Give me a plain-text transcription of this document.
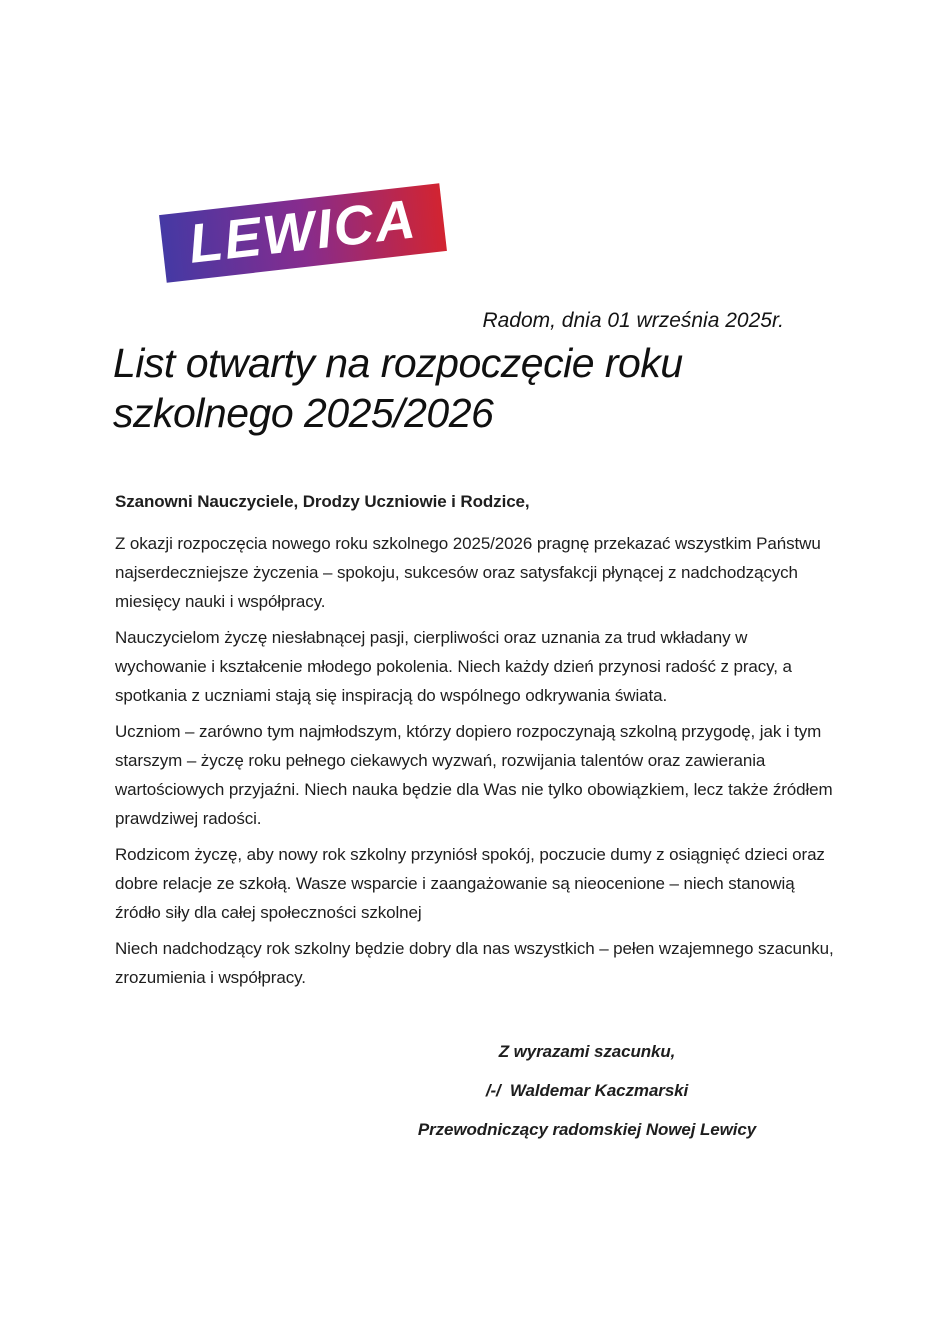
LEWICA
Radom, dnia 01 września 2025r.
List otwarty na rozpoczęcie roku
szkolnego 2025/2026

Szanowni Nauczyciele, Drodzy Uczniowie i Rodzice,

Z okazji rozpoczęcia nowego roku szkolnego 2025/2026 pragnę przekazać wszystkim Państwu najserdeczniejsze życzenia – spokoju, sukcesów oraz satysfakcji płynącej z nadchodzących miesięcy nauki i współpracy.

Nauczycielom życzę niesłabnącej pasji, cierpliwości oraz uznania za trud wkładany w wychowanie i kształcenie młodego pokolenia. Niech każdy dzień przynosi radość z pracy, a spotkania z uczniami stają się inspiracją do wspólnego odkrywania świata.

Uczniom – zarówno tym najmłodszym, którzy dopiero rozpoczynają szkolną przygodę, jak i tym starszym – życzę roku pełnego ciekawych wyzwań, rozwijania talentów oraz zawierania wartościowych przyjaźni. Niech nauka będzie dla Was nie tylko obowiązkiem, lecz także źródłem prawdziwej radości.

Rodzicom życzę, aby nowy rok szkolny przyniósł spokój, poczucie dumy z osiągnięć dzieci oraz dobre relacje ze szkołą. Wasze wsparcie i zaangażowanie są nieocenione – niech stanowią źródło siły dla całej społeczności szkolnej

Niech nadchodzący rok szkolny będzie dobry dla nas wszystkich – pełen wzajemnego szacunku, zrozumienia i współpracy.

Z wyrazami szacunku,

/-/  Waldemar Kaczmarski

Przewodniczący radomskiej Nowej Lewicy
